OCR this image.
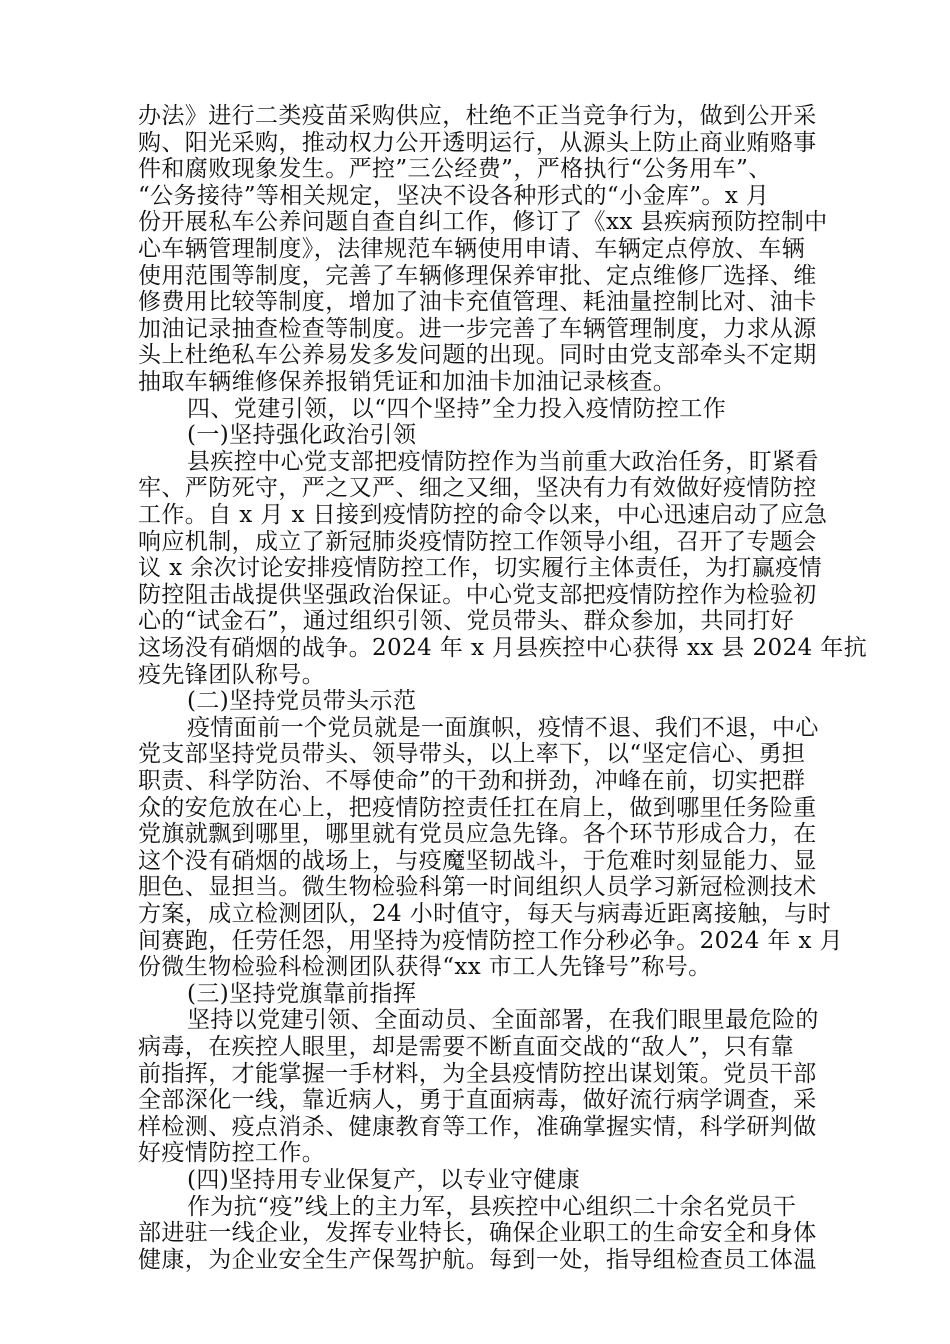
办法》进行二类疫苗采购供应，杜绝不正当竞争行为，做到公开采
购、阳光采购，推动权力公开透明运行，从源头上防止商业贿赂事
件和腐败现象发生。严控”三公经费”，严格执行“公务用车”、
“公务接待”等相关规定，坚决不设各种形式的“小金库”。x 月
份开展私车公养问题自查自纠工作，修订了《xx 县疾病预防控制中
心车辆管理制度》，法律规范车辆使用申请、车辆定点停放、车辆
使用范围等制度，完善了车辆修理保养审批、定点维修厂选择、维
修费用比较等制度，增加了油卡充值管理、耗油量控制比对、油卡
加油记录抽查检查等制度。进一步完善了车辆管理制度，力求从源
头上杜绝私车公养易发多发问题的出现。同时由党支部牵头不定期
抽取车辆维修保养报销凭证和加油卡加油记录核查。
四、党建引领，以“四个坚持”全力投入疫情防控工作
(一)坚持强化政治引领
县疾控中心党支部把疫情防控作为当前重大政治任务，盯紧看
牢、严防死守，严之又严、细之又细，坚决有力有效做好疫情防控
工作。自 x 月 x 日接到疫情防控的命令以来，中心迅速启动了应急
响应机制，成立了新冠肺炎疫情防控工作领导小组，召开了专题会
议 x 余次讨论安排疫情防控工作，切实履行主体责任，为打赢疫情
防控阻击战提供坚强政治保证。中心党支部把疫情防控作为检验初
心的“试金石”，通过组织引领、党员带头、群众参加，共同打好
这场没有硝烟的战争。2024 年 x 月县疾控中心获得 xx 县 2024 年抗
疫先锋团队称号。
(二)坚持党员带头示范
疫情面前一个党员就是一面旗帜，疫情不退、我们不退，中心
党支部坚持党员带头、领导带头，以上率下，以“坚定信心、勇担
职责、科学防治、不辱使命”的干劲和拼劲，冲峰在前，切实把群
众的安危放在心上，把疫情防控责任扛在肩上，做到哪里任务险重
党旗就飘到哪里，哪里就有党员应急先锋。各个环节形成合力，在
这个没有硝烟的战场上，与疫魔坚韧战斗，于危难时刻显能力、显
胆色、显担当。微生物检验科第一时间组织人员学习新冠检测技术
方案，成立检测团队，24 小时值守，每天与病毒近距离接触，与时
间赛跑，任劳任怨，用坚持为疫情防控工作分秒必争。2024 年 x 月
份微生物检验科检测团队获得“xx 市工人先锋号”称号。
(三)坚持党旗靠前指挥
坚持以党建引领、全面动员、全面部署，在我们眼里最危险的
病毒，在疾控人眼里，却是需要不断直面交战的“敌人”，只有靠
前指挥，才能掌握一手材料，为全县疫情防控出谋划策。党员干部
全部深化一线，靠近病人，勇于直面病毒，做好流行病学调查，采
样检测、疫点消杀、健康教育等工作，准确掌握实情，科学研判做
好疫情防控工作。
(四)坚持用专业保复产，以专业守健康
作为抗“疫”线上的主力军，县疾控中心组织二十余名党员干
部进驻一线企业，发挥专业特长，确保企业职工的生命安全和身体
健康，为企业安全生产保驾护航。每到一处，指导组检查员工体温
